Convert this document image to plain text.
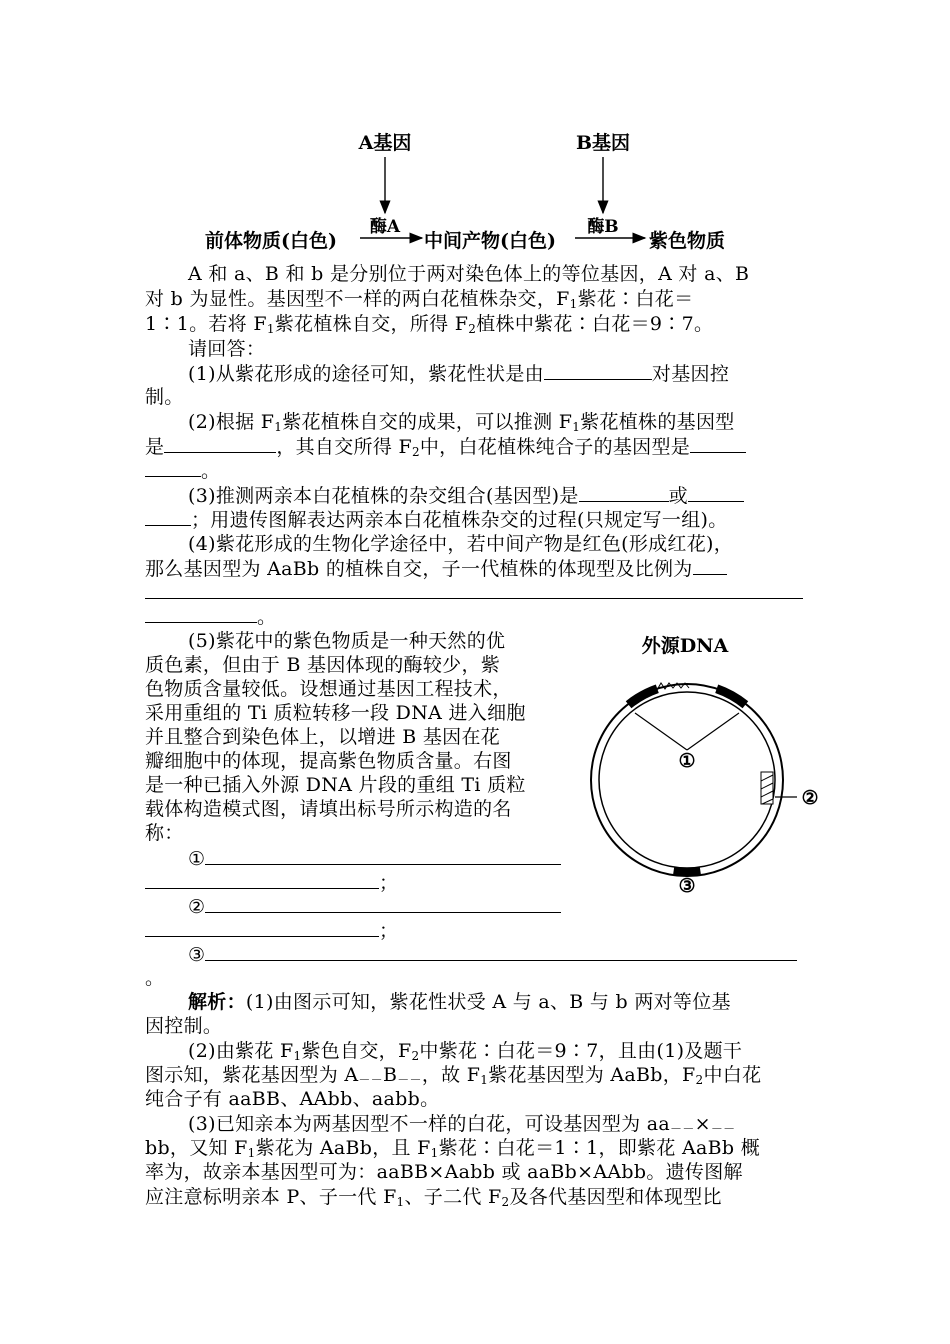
A基因	B基因
酶A	酶B
前体物质(白色)	中间产物(白色)	紫色物质
A 和 a、B 和 b 是分别位于两对染色体上的等位基因，A 对 a、B
对 b 为显性。基因型不一样的两白花植株杂交，$F_1$紫花∶白花＝
1∶1。若将 $F_1$紫花植株自交，所得 $F_2$植株中紫花∶白花＝9∶7。
请回答：
(1)从紫花形成的途径可知，紫花性状是由	对基因控
制。
(2)根据 $F_1$紫花植株自交的成果，可以推测 $F_1$紫花植株的基因型
是	，其自交所得 $F_2$中，白花植株纯合子的基因型是
。
(3)推测两亲本白花植株的杂交组合(基因型)是	或
；用遗传图解表达两亲本白花植株杂交的过程(只规定写一组)。
(4)紫花形成的生物化学途径中，若中间产物是红色(形成红花)，
那么基因型为 AaBb 的植株自交，子一代植株的体现型及比例为
。
(5)紫花中的紫色物质是一种天然的优
质色素，但由于 B 基因体现的酶较少，紫
色物质含量较低。设想通过基因工程技术，
采用重组的 Ti 质粒转移一段 DNA 进入细胞
并且整合到染色体上，以增进 B 基因在花
瓣细胞中的体现，提高紫色物质含量。右图
是一种已插入外源 DNA 片段的重组 Ti 质粒
载体构造模式图，请填出标号所示构造的名
称：
①
；
②
；
③
。
外源DNA
①
②
③
解析：(1)由图示可知，紫花性状受 A 与 a、B 与 b 两对等位基
因控制。
(2)由紫花 $F_1$紫色自交，$F_2$中紫花∶白花＝9∶7，且由(1)及题干
图示知，紫花基因型为 $A_{--}B_{--}$，故 $F_1$紫花基因型为 AaBb，$F_2$中白花
纯合子有 aaBB、AAbb、aabb。
(3)已知亲本为两基因型不一样的白花，可设基因型为 $aa_{--}\times_{--}$
bb，又知 $F_1$紫花为 AaBb，且 $F_1$紫花∶白花＝1∶1，即紫花 AaBb 概
率为，故亲本基因型可为：aaBB×Aabb 或 aaBb×AAbb。遗传图解
应注意标明亲本 P、子一代 $F_1$、子二代 $F_2$及各代基因型和体现型比
